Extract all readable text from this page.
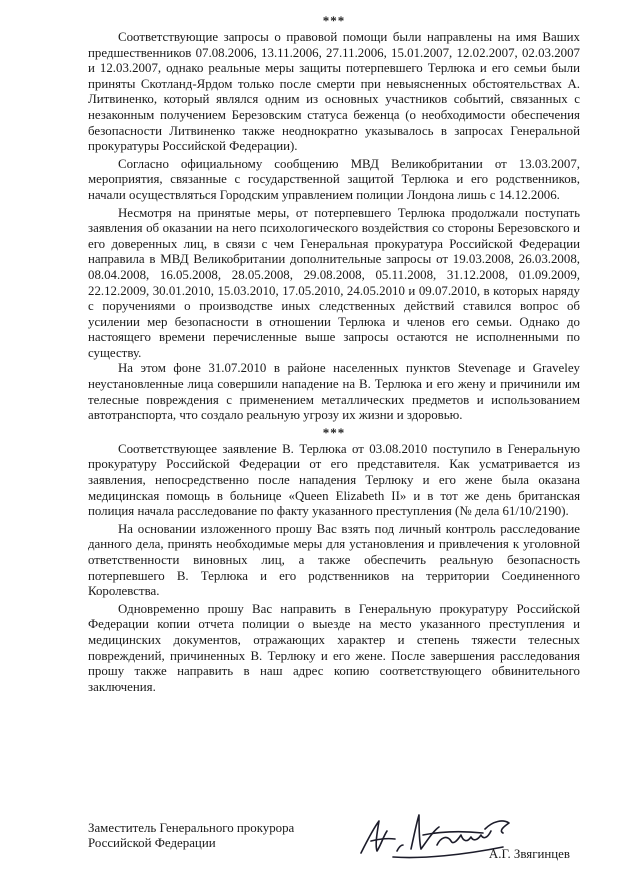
***

Соответствующие запросы о правовой помощи были направлены на имя Ваших предшественников 07.08.2006, 13.11.2006, 27.11.2006, 15.01.2007, 12.02.2007, 02.03.2007 и 12.03.2007, однако реальные меры защиты потерпевшего Терлюка и его семьи были приняты Скотланд-Ярдом только после смерти при невыясненных обстоятельствах А. Литвиненко, который являлся одним из основных участников событий, связанных с незаконным получением Березовским статуса беженца (о необходимости обеспечения безопасности Литвиненко также неоднократно указывалось в запросах Генеральной прокуратуры Российской Федерации).

Согласно официальному сообщению МВД Великобритании от 13.03.2007, мероприятия, связанные с государственной защитой Терлюка и его родственников, начали осуществляться Городским управлением полиции Лондона лишь с 14.12.2006.

Несмотря на принятые меры, от потерпевшего Терлюка продолжали поступать заявления об оказании на него психологического воздействия со стороны Березовского и его доверенных лиц, в связи с чем Генеральная прокуратура Российской Федерации направила в МВД Великобритании дополнительные запросы от 19.03.2008, 26.03.2008, 08.04.2008, 16.05.2008, 28.05.2008, 29.08.2008, 05.11.2008, 31.12.2008, 01.09.2009, 22.12.2009, 30.01.2010, 15.03.2010, 17.05.2010, 24.05.2010 и 09.07.2010, в которых наряду с поручениями о производстве иных следственных действий ставился вопрос об усилении мер безопасности в отношении Терлюка и членов его семьи. Однако до настоящего времени перечисленные выше запросы остаются не исполненными по существу.

На этом фоне 31.07.2010 в районе населенных пунктов Stevenage и Graveley неустановленные лица совершили нападение на В. Терлюка и его жену и причинили им телесные повреждения с применением металлических предметов и использованием автотранспорта, что создало реальную угрозу их жизни и здоровью.

***

Соответствующее заявление В. Терлюка от 03.08.2010 поступило в Генеральную прокуратуру Российской Федерации от его представителя. Как усматривается из заявления, непосредственно после нападения Терлюку и его жене была оказана медицинская помощь в больнице «Queen Elizabeth II» и в тот же день британская полиция начала расследование по факту указанного преступления (№ дела 61/10/2190).

На основании изложенного прошу Вас взять под личный контроль расследование данного дела, принять необходимые меры для установления и привлечения к уголовной ответственности виновных лиц, а также обеспечить реальную безопасность потерпевшего В. Терлюка и его родственников на территории Соединенного Королевства.

Одновременно прошу Вас направить в Генеральную прокуратуру Российской Федерации копии отчета полиции о выезде на место указанного преступления и медицинских документов, отражающих характер и степень тяжести телесных повреждений, причиненных В. Терлюку и его жене. После завершения расследования прошу также направить в наш адрес копию соответствующего обвинительного заключения.

Заместитель Генерального прокурора
Российской Федерации
А.Г. Звягинцев
